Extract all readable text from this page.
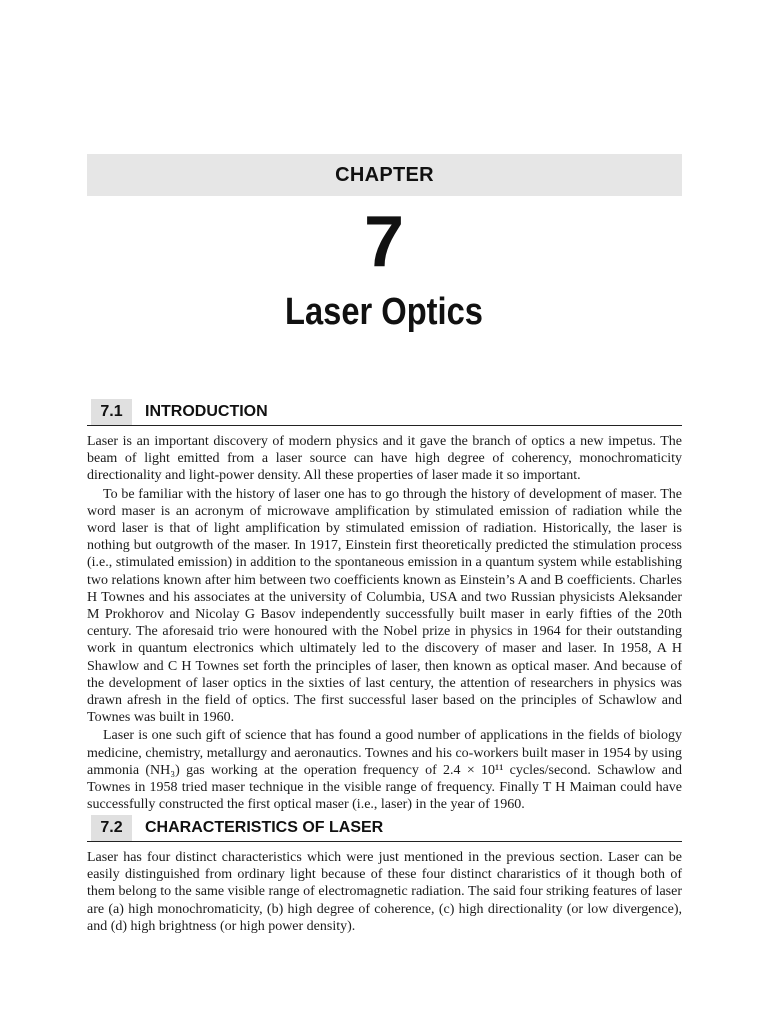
CHAPTER
7
Laser Optics
7.1	INTRODUCTION

Laser is an important discovery of modern physics and it gave the branch of optics a new impetus. The beam of light emitted from a laser source can have high degree of coherency, monochromaticity directionality and light-power density. All these properties of laser made it so important.

To be familiar with the history of laser one has to go through the history of development of maser. The word maser is an acronym of microwave amplification by stimulated emission of radiation while the word laser is that of light amplification by stimulated emission of radiation. Historically, the laser is nothing but outgrowth of the maser. In 1917, Einstein first theoretically predicted the stimulation process (i.e., stimulated emission) in addition to the spontaneous emission in a quantum system while establishing two relations known after him between two coefficients known as Einstein’s A and B coefficients. Charles H Townes and his associates at the university of Columbia, USA and two Russian physicists Aleksander M Prokhorov and Nicolay G Basov independently successfully built maser in early fifties of the 20th century. The aforesaid trio were honoured with the Nobel prize in physics in 1964 for their outstanding work in quantum electronics which ultimately led to the discovery of maser and laser. In 1958, A H Shawlow and C H Townes set forth the principles of laser, then known as optical maser. And because of the development of laser optics in the sixties of last century, the attention of researchers in physics was drawn afresh in the field of optics. The first successful laser based on the principles of Schawlow and Townes was built in 1960.

Laser is one such gift of science that has found a good number of applications in the fields of biology medicine, chemistry, metallurgy and aeronautics. Townes and his co-workers built maser in 1954 by using ammonia (NH₃) gas working at the operation frequency of 2.4 × 10¹¹ cycles/second. Schawlow and Townes in 1958 tried maser technique in the visible range of frequency. Finally T H Maiman could have successfully constructed the first optical maser (i.e., laser) in the year of 1960.

7.2	CHARACTERISTICS OF LASER

Laser has four distinct characteristics which were just mentioned in the previous section. Laser can be easily distinguished from ordinary light because of these four distinct chararistics of it though both of them belong to the same visible range of electromagnetic radiation. The said four striking features of laser are (a) high monochromaticity, (b) high degree of coherence, (c) high directionality (or low divergence), and (d) high brightness (or high power density).
